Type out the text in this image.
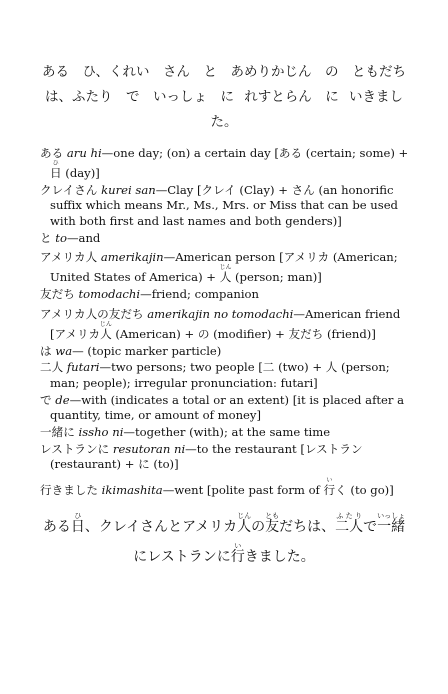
ある　ひ、くれい　さん　と　あめりかじん　の　ともだち　は、ふたり　で　いっしょ　に れすとらん　に いきました。
ある aru hi—one day; (on) a certain day [ある (certain; some) + 日ひ (day)]
クレイさん kurei san—Clay [クレイ (Clay) + さん (an honorific suffix which means Mr., Ms., Mrs. or Miss that can be used with both first and last names and both genders)]
と to—and
アメリカ人 amerikajin—American person [アメリカ (American; United States of America) + 人じん (person; man)]
友だち tomodachi—friend; companion
アメリカ人の友だち amerikajin no tomodachi—American friend [アメリカ人じん (American) + の (modifier) + 友だち (friend)]
は wa— (topic marker particle)
二人 futari—two persons; two people [二 (two) + 人 (person; man; people); irregular pronunciation: futari]
で de—with (indicates a total or an extent) [it is placed after a quantity, time, or amount of money]
一緒に issho ni—together (with); at the same time
レストランに resutoran ni—to the restaurant [レストラン (restaurant) + に (to)]
行きました ikimashita—went [polite past form of 行いく (to go)]
ある日ひ、クレイさんとアメリカ人じんの友ともだちは、二人ふたりで一緒いっしょにレストランに行いきました。
